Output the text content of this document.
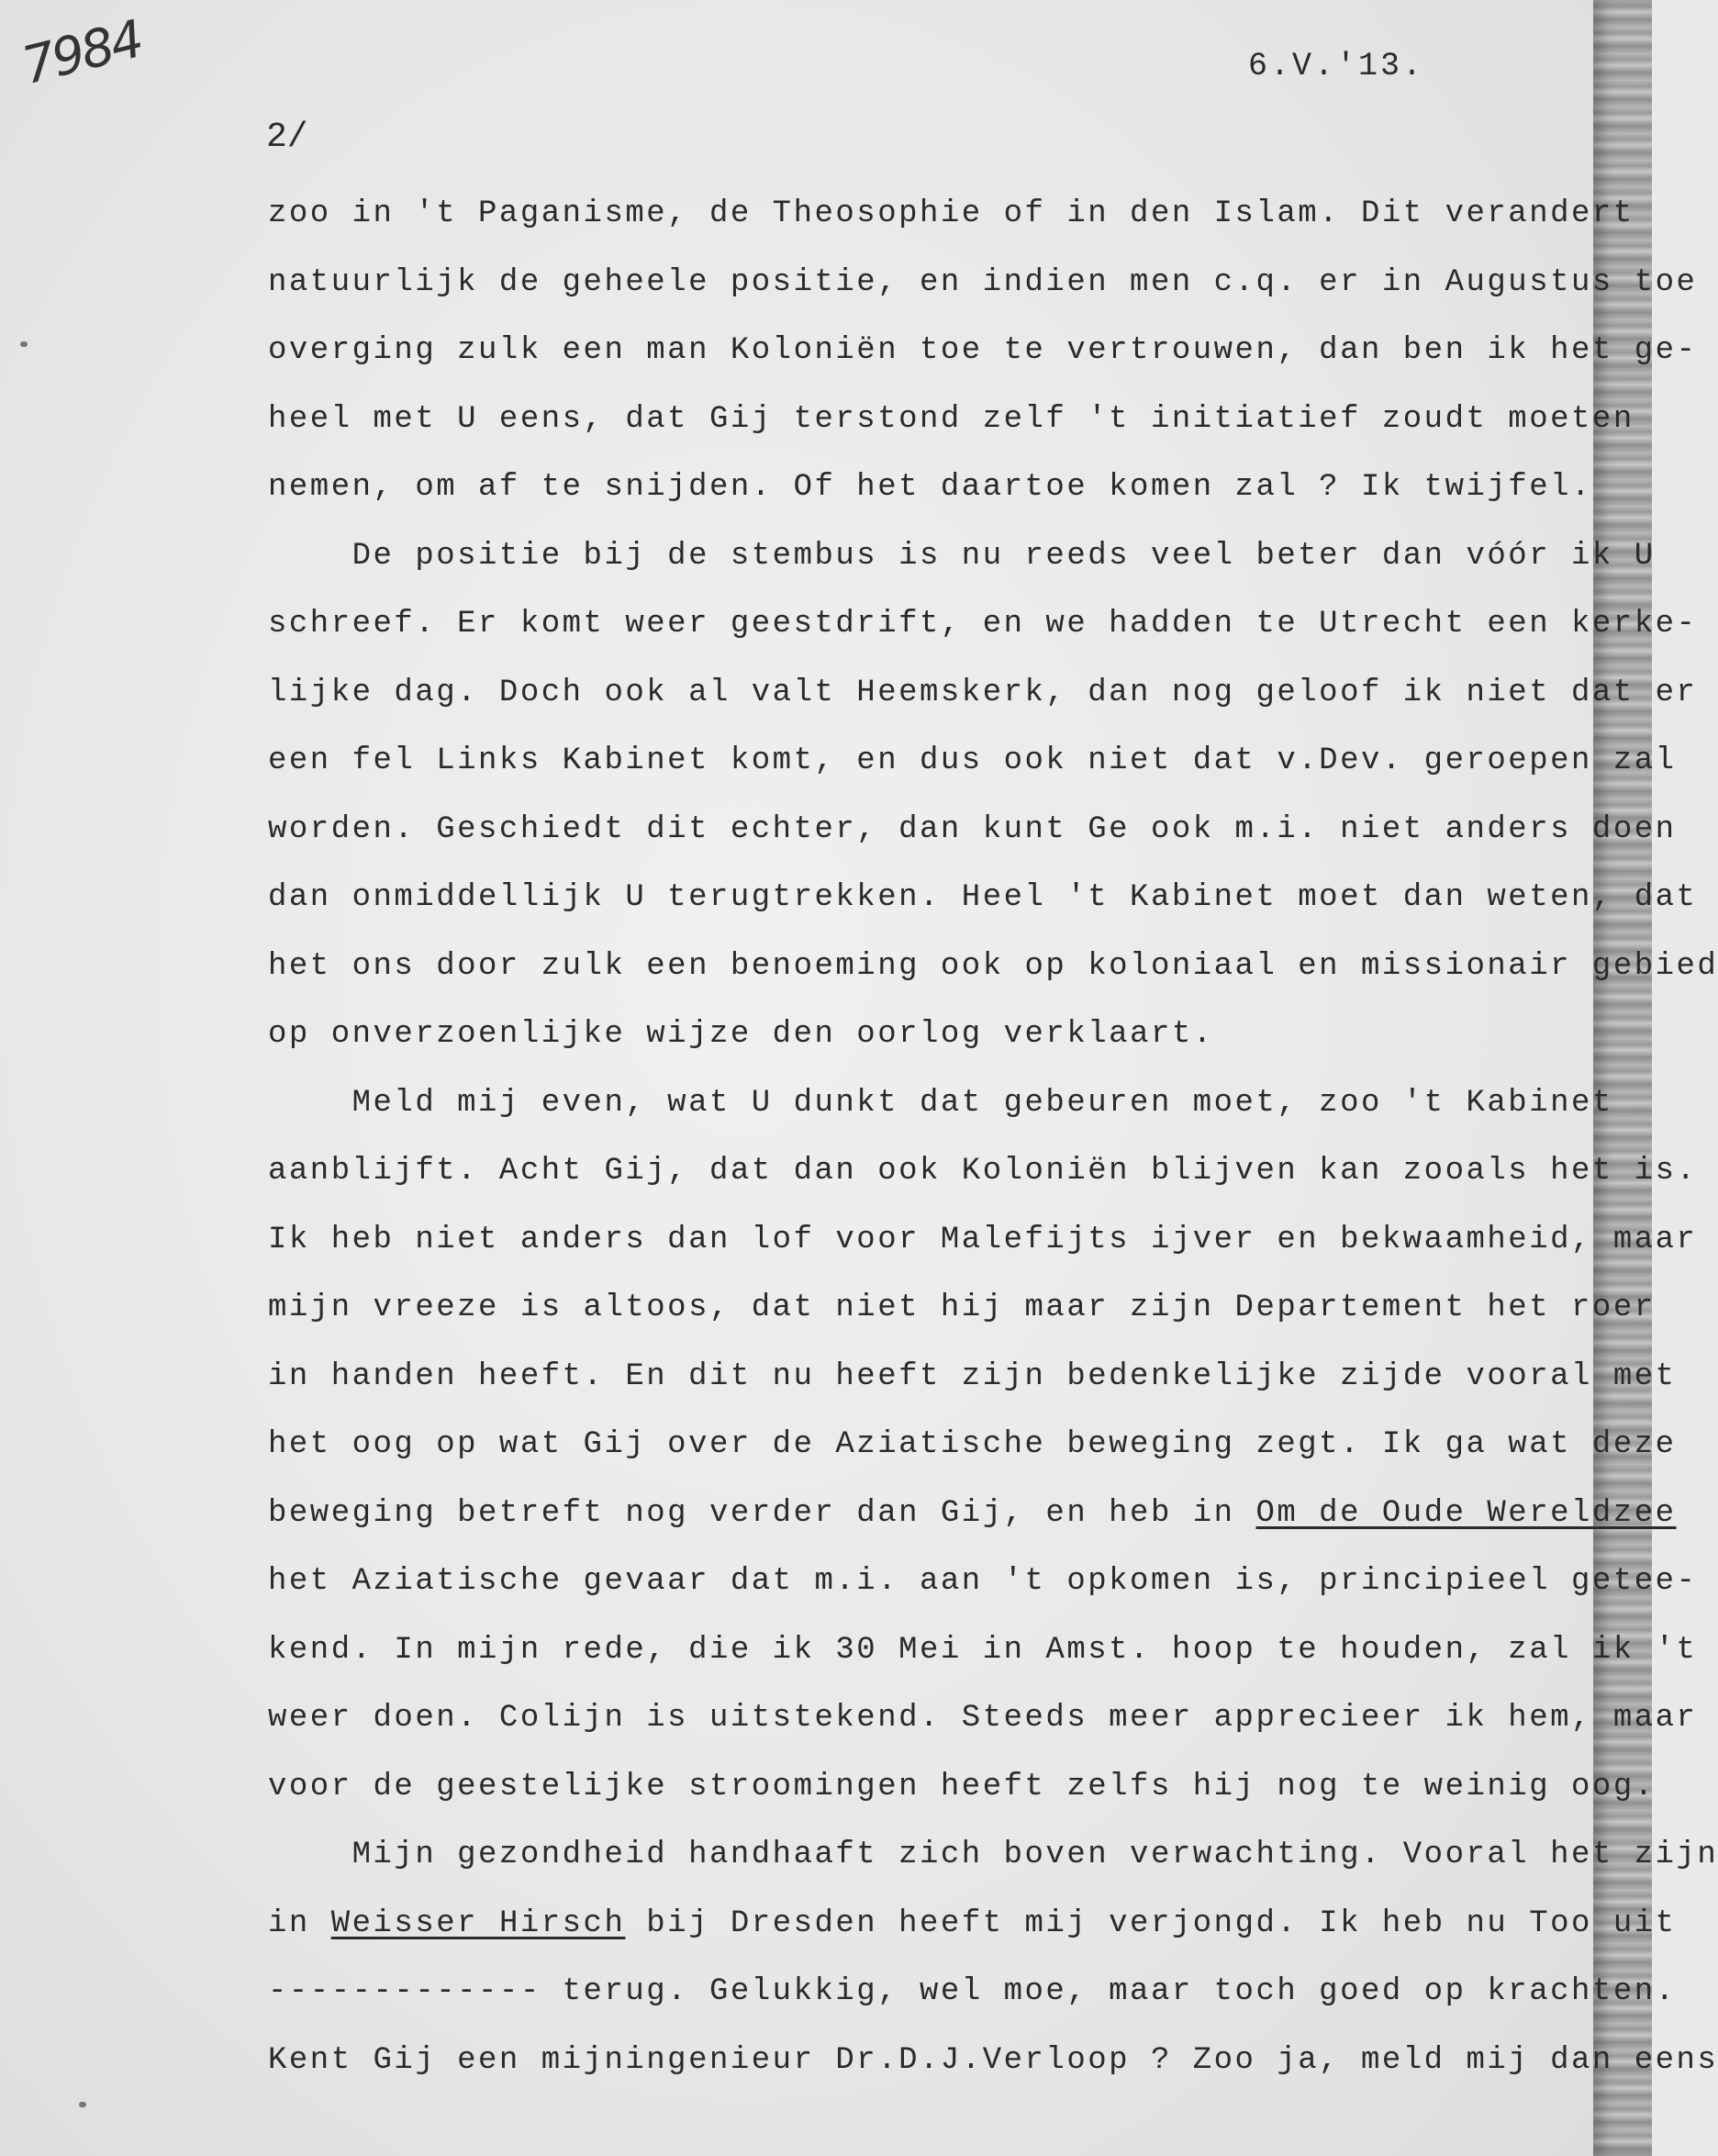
7984	6.V.'13.
2/
zoo in 't Paganisme, de Theosophie of in den Islam. Dit verandert
natuurlijk de geheele positie, en indien men c.q. er in Augustus toe
overging zulk een man Koloniën toe te vertrouwen, dan ben ik het ge-
heel met U eens, dat Gij terstond zelf 't initiatief zoudt moeten
nemen, om af te snijden. Of het daartoe komen zal ? Ik twijfel.
De positie bij de stembus is nu reeds veel beter dan vóór ik U
schreef. Er komt weer geestdrift, en we hadden te Utrecht een kerke-
lijke dag. Doch ook al valt Heemskerk, dan nog geloof ik niet dat er
een fel Links Kabinet komt, en dus ook niet dat v.Dev. geroepen zal
worden. Geschiedt dit echter, dan kunt Ge ook m.i. niet anders doen
dan onmiddellijk U terugtrekken. Heel 't Kabinet moet dan weten, dat
het ons door zulk een benoeming ook op koloniaal en missionair gebied
op onverzoenlijke wijze den oorlog verklaart.
Meld mij even, wat U dunkt dat gebeuren moet, zoo 't Kabinet
aanblijft. Acht Gij, dat dan ook Koloniën blijven kan zooals het is.
Ik heb niet anders dan lof voor Malefijts ijver en bekwaamheid, maar
mijn vreeze is altoos, dat niet hij maar zijn Departement het roer
in handen heeft. En dit nu heeft zijn bedenkelijke zijde vooral met
het oog op wat Gij over de Aziatische beweging zegt. Ik ga wat deze
beweging betreft nog verder dan Gij, en heb in Om de Oude Wereldzee
het Aziatische gevaar dat m.i. aan 't opkomen is, principieel getee-
kend. In mijn rede, die ik 30 Mei in Amst. hoop te houden, zal ik 't
weer doen. Colijn is uitstekend. Steeds meer apprecieer ik hem, maar
voor de geestelijke stroomingen heeft zelfs hij nog te weinig oog.
Mijn gezondheid handhaaft zich boven verwachting. Vooral het zijn
in Weisser Hirsch bij Dresden heeft mij verjongd. Ik heb nu Too uit
------------- terug. Gelukkig, wel moe, maar toch goed op krachten.
Kent Gij een mijningenieur Dr.D.J.Verloop ? Zoo ja, meld mij dan eens
